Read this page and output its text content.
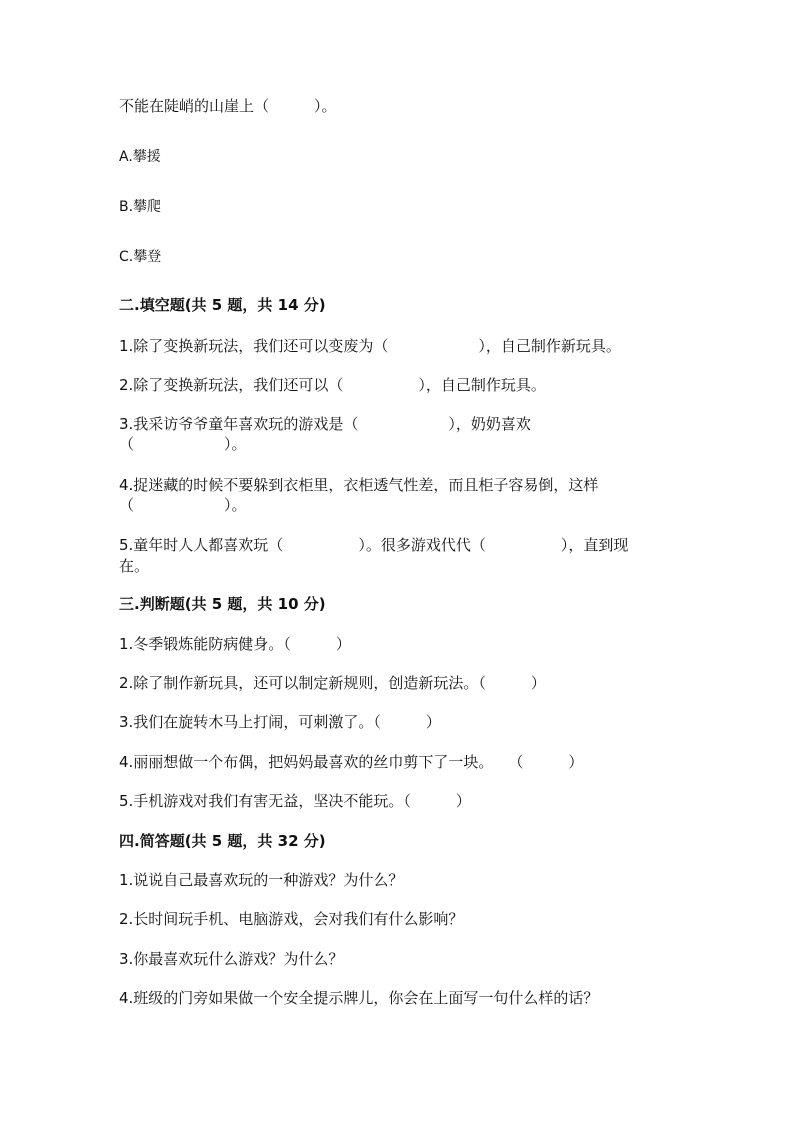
不能在陡峭的山崖上（　　　）。
A.攀援
B.攀爬
C.攀登
二.填空题(共 5 题，共 14 分)
1.除了变换新玩法，我们还可以变废为（　　　　　　），自己制作新玩具。
2.除了变换新玩法，我们还可以（　　　　　），自己制作玩具。
3.我采访爷爷童年喜欢玩的游戏是（　　　　　　），奶奶喜欢
（　　　　　　）。
4.捉迷藏的时候不要躲到衣柜里，衣柜透气性差，而且柜子容易倒，这样
（　　　　　　）。
5.童年时人人都喜欢玩（　　　　　）。很多游戏代代（　　　　　），直到现
在。
三.判断题(共 5 题，共 10 分)
1.冬季锻炼能防病健身。（　　　）
2.除了制作新玩具，还可以制定新规则，创造新玩法。（　　　）
3.我们在旋转木马上打闹，可刺激了。（　　　）
4.丽丽想做一个布偶，把妈妈最喜欢的丝巾剪下了一块。　　（　　　）
5.手机游戏对我们有害无益，坚决不能玩。（　　　）
四.简答题(共 5 题，共 32 分)
1.说说自己最喜欢玩的一种游戏？为什么？
2.长时间玩手机、电脑游戏，会对我们有什么影响？
3.你最喜欢玩什么游戏？为什么？
4.班级的门旁如果做一个安全提示牌儿，你会在上面写一句什么样的话？
